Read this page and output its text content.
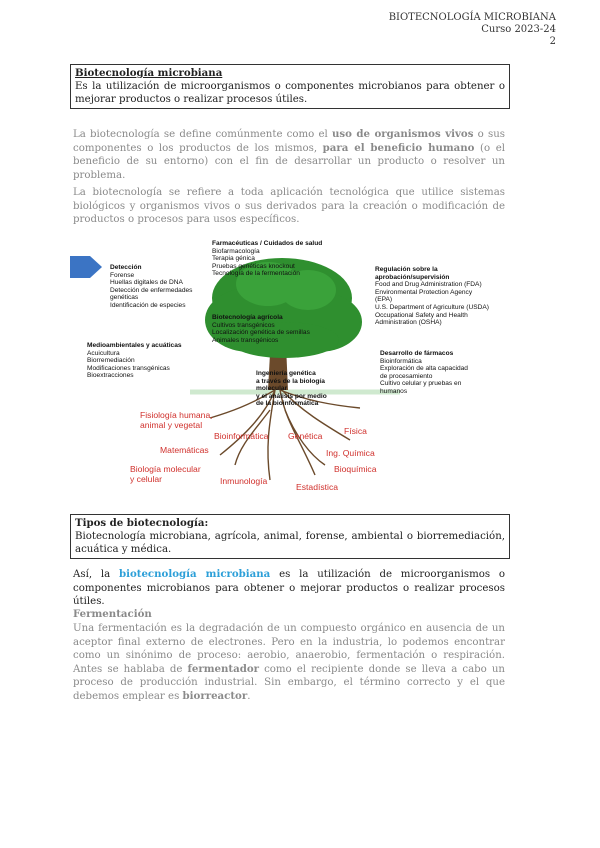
BIOTECNOLOGÍA MICROBIANA
Curso 2023-24
2
Biotecnología microbiana
Es la utilización de microorganismos o componentes microbianos para obtener o mejorar productos o realizar procesos útiles.
La biotecnología se define comúnmente como el uso de organismos vivos o sus componentes o los productos de los mismos, para el beneficio humano (o el beneficio de su entorno) con el fin de desarrollar un producto o resolver un problema.
La biotecnología se refiere a toda aplicación tecnológica que utilice sistemas biológicos y organismos vivos o sus derivados para la creación o modificación de productos o procesos para usos específicos.
Farmacéuticas / Cuidados de salud
Biofarmacología
Terapia génica
Pruebas genéticas knockout
Tecnología de la fermentación
Detección
Forense
Huellas digitales de DNA
Detección de enfermedades
genéticas
Identificación de especies
Regulación sobre la
aprobación/supervisión
Food and Drug Administration (FDA)
Environmental Protection Agency
(EPA)
U.S. Department of Agriculture (USDA)
Occupational Safety and Health
Administration (OSHA)
Biotecnología agrícola
Cultivos transgénicos
Localización genética de semillas
Animales transgénicos
Medioambientales y acuáticas
Acuicultura
Biorremediación
Modificaciones transgénicas
Bioextracciones
Desarrollo de fármacos
Bioinformática
Exploración de alta capacidad
de procesamiento
Cultivo celular y pruebas en
humanos
Ingeniería genética
a través de la biología
molecular
y el análisis por medio
de la bioinformática
Fisiología humana,
animal y vegetal
Bioinformática Genética	Física
Matemáticas	Ing. Química
Biología molecular
y celular
Bioquímica
Inmunología
Estadística
Tipos de biotecnología:
Biotecnología microbiana, agrícola, animal, forense, ambiental o biorremediación, acuática y médica.
Así, la biotecnología microbiana es la utilización de microorganismos o componentes microbianos para obtener o mejorar productos o realizar procesos útiles.
Fermentación
Una fermentación es la degradación de un compuesto orgánico en ausencia de un aceptor final externo de electrones. Pero en la industria, lo podemos encontrar como un sinónimo de proceso: aerobio, anaerobio, fermentación o respiración. Antes se hablaba de fermentador como el recipiente donde se lleva a cabo un proceso de producción industrial. Sin embargo, el término correcto y el que debemos emplear es biorreactor.
